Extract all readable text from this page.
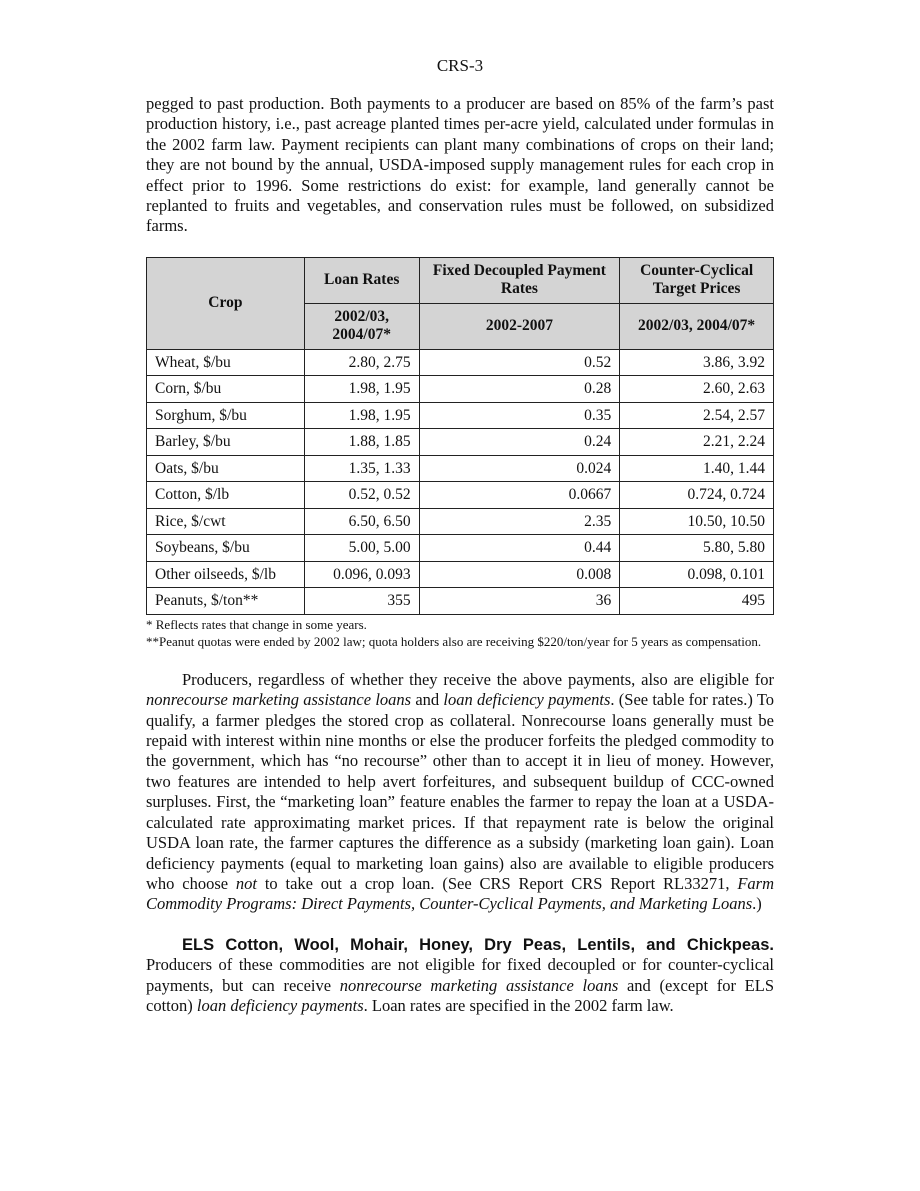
CRS-3

pegged to past production. Both payments to a producer are based on 85% of the farm’s past production history, i.e., past acreage planted times per-acre yield, calculated under formulas in the 2002 farm law. Payment recipients can plant many combinations of crops on their land; they are not bound by the annual, USDA-imposed supply management rules for each crop in effect prior to 1996. Some restrictions do exist: for example, land generally cannot be replanted to fruits and vegetables, and conservation rules must be followed, on subsidized farms.

Crop	Loan Rates	Fixed Decoupled Payment Rates	Counter-Cyclical Target Prices
	2002/03, 2004/07*	2002-2007	2002/03, 2004/07*
Wheat, $/bu	2.80, 2.75	0.52	3.86, 3.92
Corn, $/bu	1.98, 1.95	0.28	2.60, 2.63
Sorghum, $/bu	1.98, 1.95	0.35	2.54, 2.57
Barley, $/bu	1.88, 1.85	0.24	2.21, 2.24
Oats, $/bu	1.35, 1.33	0.024	1.40, 1.44
Cotton, $/lb	0.52, 0.52	0.0667	0.724, 0.724
Rice, $/cwt	6.50, 6.50	2.35	10.50, 10.50
Soybeans, $/bu	5.00, 5.00	0.44	5.80, 5.80
Other oilseeds, $/lb	0.096, 0.093	0.008	0.098, 0.101
Peanuts, $/ton**	355	36	495

* Reflects rates that change in some years.

**Peanut quotas were ended by 2002 law; quota holders also are receiving $220/ton/year for 5 years as compensation.

Producers, regardless of whether they receive the above payments, also are eligible for nonrecourse marketing assistance loans and loan deficiency payments. (See table for rates.) To qualify, a farmer pledges the stored crop as collateral. Nonrecourse loans generally must be repaid with interest within nine months or else the producer forfeits the pledged commodity to the government, which has “no recourse” other than to accept it in lieu of money. However, two features are intended to help avert forfeitures, and subsequent buildup of CCC-owned surpluses. First, the “marketing loan” feature enables the farmer to repay the loan at a USDA-calculated rate approximating market prices. If that repayment rate is below the original USDA loan rate, the farmer captures the difference as a subsidy (marketing loan gain). Loan deficiency payments (equal to marketing loan gains) also are available to eligible producers who choose not to take out a crop loan. (See CRS Report CRS Report RL33271, Farm Commodity Programs: Direct Payments, Counter-Cyclical Payments, and Marketing Loans.)

ELS Cotton, Wool, Mohair, Honey, Dry Peas, Lentils, and Chickpeas. Producers of these commodities are not eligible for fixed decoupled or for counter-cyclical payments, but can receive nonrecourse marketing assistance loans and (except for ELS cotton) loan deficiency payments. Loan rates are specified in the 2002 farm law.
